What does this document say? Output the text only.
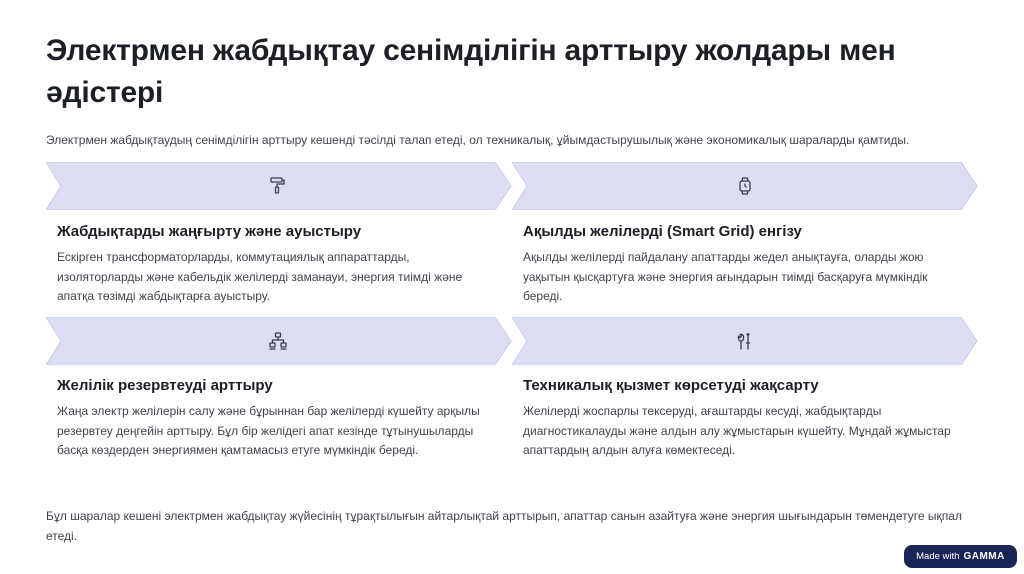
Электрмен жабдықтау сенімділігін арттыру жолдары мен әдістері
Электрмен жабдықтаудың сенімділігін арттыру кешенді тәсілді талап етеді, ол техникалық, ұйымдастырушылық және экономикалық шараларды қамтиды.
Жабдықтарды жаңғырту және ауыстыру
Ескірген трансформаторларды, коммутациялық аппараттарды, изоляторларды және кабельдік желілерді заманауи, энергия тиімді және апатқа төзімді жабдықтарға ауыстыру.
Ақылды желілерді (Smart Grid) енгізу
Ақылды желілерді пайдалану апаттарды жедел анықтауға, оларды жою уақытын қысқартуға және энергия ағындарын тиімді басқаруға мүмкіндік береді.
Желілік резервтеуді арттыру
Жаңа электр желілерін салу және бұрыннан бар желілерді күшейту арқылы резервтеу деңгейін арттыру. Бұл бір желідегі апат кезінде тұтынушыларды басқа көздерден энергиямен қамтамасыз етуге мүмкіндік береді.
Техникалық қызмет көрсетуді жақсарту
Желілерді жоспарлы тексеруді, ағаштарды кесуді, жабдықтарды диагностикалауды және алдын алу жұмыстарын күшейту. Мұндай жұмыстар апаттардың алдын алуға көмектеседі.
Бұл шаралар кешені электрмен жабдықтау жүйесінің тұрақтылығын айтарлықтай арттырып, апаттар санын азайтуға және энергия шығындарын төмендетуге ықпал етеді.
Made with GAMMA
